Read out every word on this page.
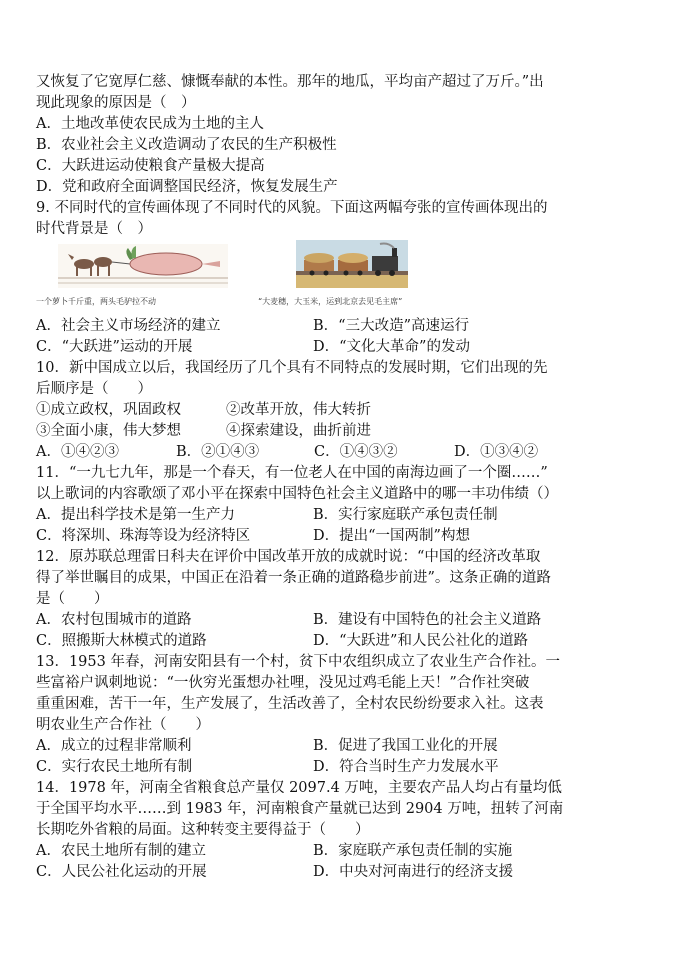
又恢复了它宽厚仁慈、慷慨奉献的本性。那年的地瓜，平均亩产超过了万斤。”出
现此现象的原因是（　）
A．土地改革使农民成为土地的主人
B．农业社会主义改造调动了农民的生产积极性
C．大跃进运动使粮食产量极大提高
D．党和政府全面调整国民经济，恢复发展生产
9. 不同时代的宣传画体现了不同时代的风貌。下面这两幅夸张的宣传画体现出的
时代背景是（　）
一个萝卜千斤重，两头毛驴拉不动	“大麦穗，大玉米，运到北京去见毛主席”
A．社会主义市场经济的建立	B．“三大改造”高速运行
C．“大跃进”运动的开展	D．“文化大革命”的发动
10．新中国成立以后，我国经历了几个具有不同特点的发展时期，它们出现的先
后顺序是（　　）
①成立政权，巩固政权	②改革开放，伟大转折
③全面小康，伟大梦想	④探索建设，曲折前进
A．①④②③	B．②①④③	C．①④③②	D．①③④②
11．“一九七九年，那是一个春天，有一位老人在中国的南海边画了一个圈……”
以上歌词的内容歌颂了邓小平在探索中国特色社会主义道路中的哪一丰功伟绩（）
A．提出科学技术是第一生产力	B．实行家庭联产承包责任制
C．将深圳、珠海等设为经济特区	D．提出“一国两制”构想
12．原苏联总理雷日科夫在评价中国改革开放的成就时说：“中国的经济改革取
得了举世瞩目的成果，中国正在沿着一条正确的道路稳步前进”。这条正确的道路
是（　　）
A．农村包围城市的道路	B．建设有中国特色的社会主义道路
C．照搬斯大林模式的道路	D．“大跃进”和人民公社化的道路
13．1953 年春，河南安阳县有一个村，贫下中农组织成立了农业生产合作社。一
些富裕户讽刺地说：“一伙穷光蛋想办社哩，没见过鸡毛能上天！”合作社突破
重重困难，苦干一年，生产发展了，生活改善了，全村农民纷纷要求入社。这表
明农业生产合作社（　　）
A．成立的过程非常顺利	B．促进了我国工业化的开展
C．实行农民土地所有制	D．符合当时生产力发展水平
14．1978 年，河南全省粮食总产量仅 2097.4 万吨，主要农产品人均占有量均低
于全国平均水平……到 1983 年，河南粮食产量就已达到 2904 万吨，扭转了河南
长期吃外省粮的局面。这种转变主要得益于（　　）
A．农民土地所有制的建立	B．家庭联产承包责任制的实施
C．人民公社化运动的开展	D．中央对河南进行的经济支援
